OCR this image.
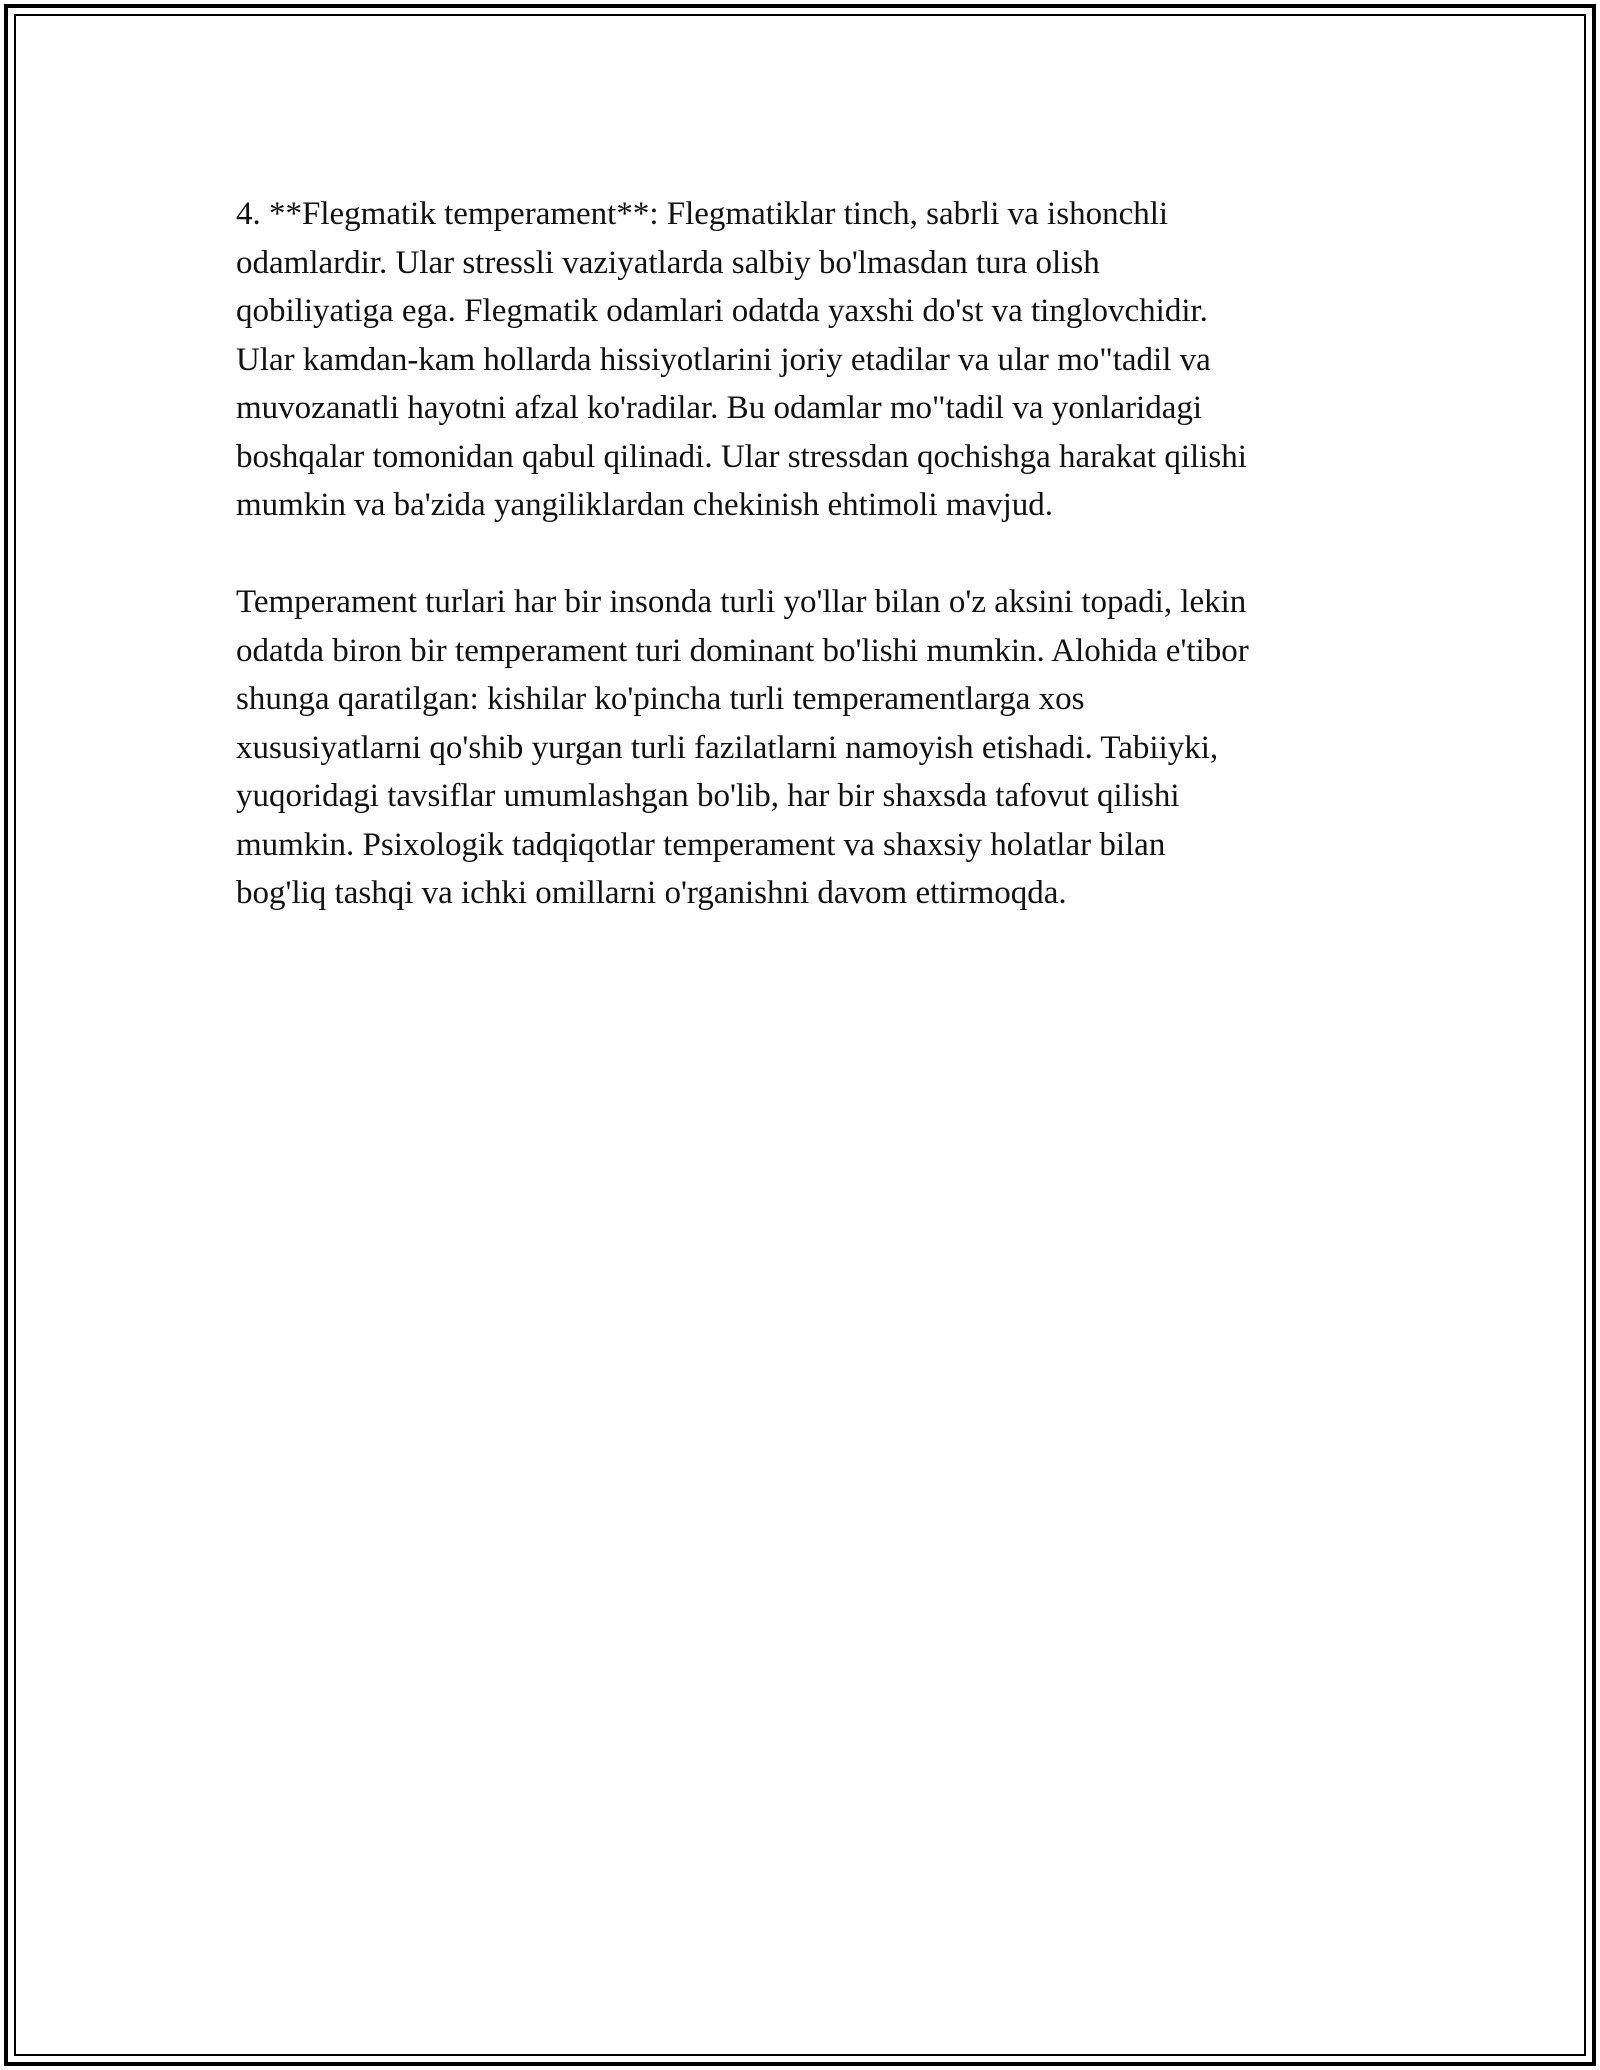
4. **Flegmatik temperament**: Flegmatiklar tinch, sabrli va ishonchli
odamlardir. Ular stressli vaziyatlarda salbiy bo'lmasdan tura olish
qobiliyatiga ega. Flegmatik odamlari odatda yaxshi do'st va tinglovchidir.
Ular kamdan-kam hollarda hissiyotlarini joriy etadilar va ular mo"tadil va
muvozanatli hayotni afzal ko'radilar. Bu odamlar mo"tadil va yonlaridagi
boshqalar tomonidan qabul qilinadi. Ular stressdan qochishga harakat qilishi
mumkin va ba'zida yangiliklardan chekinish ehtimoli mavjud.

Temperament turlari har bir insonda turli yo'llar bilan o'z aksini topadi, lekin
odatda biron bir temperament turi dominant bo'lishi mumkin. Alohida e'tibor
shunga qaratilgan: kishilar ko'pincha turli temperamentlarga xos
xususiyatlarni qo'shib yurgan turli fazilatlarni namoyish etishadi. Tabiiyki,
yuqoridagi tavsiflar umumlashgan bo'lib, har bir shaxsda tafovut qilishi
mumkin. Psixologik tadqiqotlar temperament va shaxsiy holatlar bilan
bog'liq tashqi va ichki omillarni o'rganishni davom ettirmoqda.
